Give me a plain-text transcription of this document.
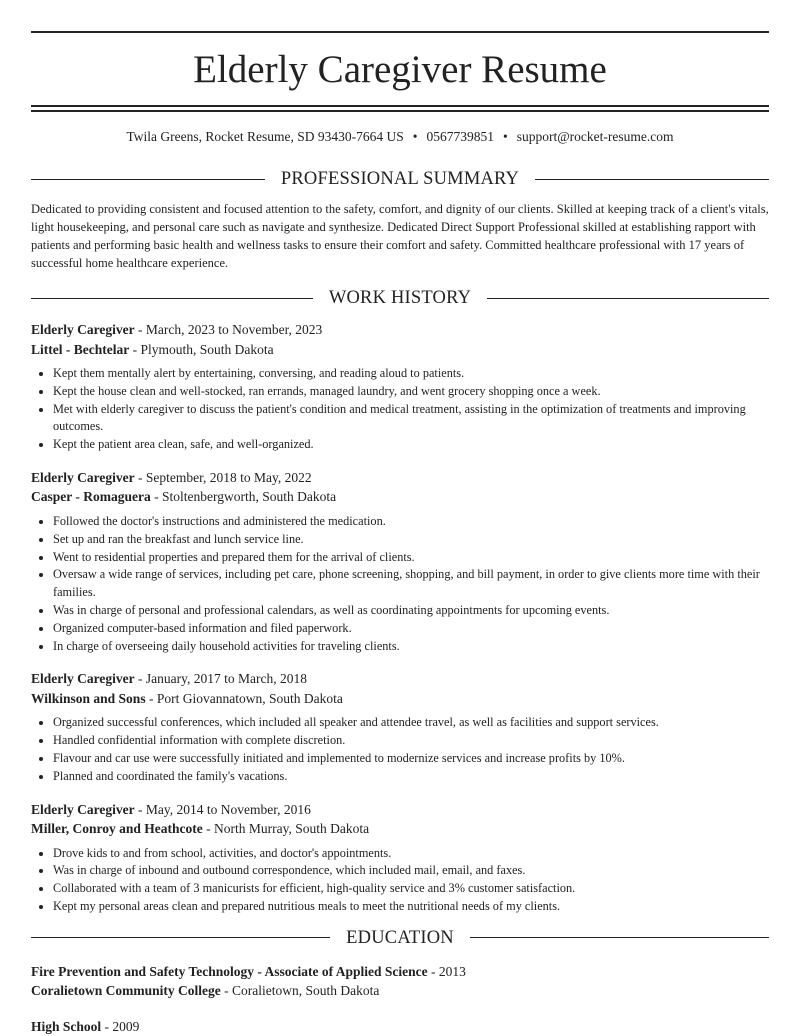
Elderly Caregiver Resume
Twila Greens, Rocket Resume, SD 93430-7664 US • 0567739851 • support@rocket-resume.com
PROFESSIONAL SUMMARY
Dedicated to providing consistent and focused attention to the safety, comfort, and dignity of our clients. Skilled at keeping track of a client's vitals, light housekeeping, and personal care such as navigate and synthesize. Dedicated Direct Support Professional skilled at establishing rapport with patients and performing basic health and wellness tasks to ensure their comfort and safety. Committed healthcare professional with 17 years of successful home healthcare experience.
WORK HISTORY
Elderly Caregiver - March, 2023 to November, 2023
Littel - Bechtelar - Plymouth, South Dakota
• Kept them mentally alert by entertaining, conversing, and reading aloud to patients.
• Kept the house clean and well-stocked, ran errands, managed laundry, and went grocery shopping once a week.
• Met with elderly caregiver to discuss the patient's condition and medical treatment, assisting in the optimization of treatments and improving outcomes.
• Kept the patient area clean, safe, and well-organized.
Elderly Caregiver - September, 2018 to May, 2022
Casper - Romaguera - Stoltenbergworth, South Dakota
• Followed the doctor's instructions and administered the medication.
• Set up and ran the breakfast and lunch service line.
• Went to residential properties and prepared them for the arrival of clients.
• Oversaw a wide range of services, including pet care, phone screening, shopping, and bill payment, in order to give clients more time with their families.
• Was in charge of personal and professional calendars, as well as coordinating appointments for upcoming events.
• Organized computer-based information and filed paperwork.
• In charge of overseeing daily household activities for traveling clients.
Elderly Caregiver - January, 2017 to March, 2018
Wilkinson and Sons - Port Giovannatown, South Dakota
• Organized successful conferences, which included all speaker and attendee travel, as well as facilities and support services.
• Handled confidential information with complete discretion.
• Flavour and car use were successfully initiated and implemented to modernize services and increase profits by 10%.
• Planned and coordinated the family's vacations.
Elderly Caregiver - May, 2014 to November, 2016
Miller, Conroy and Heathcote - North Murray, South Dakota
• Drove kids to and from school, activities, and doctor's appointments.
• Was in charge of inbound and outbound correspondence, which included mail, email, and faxes.
• Collaborated with a team of 3 manicurists for efficient, high-quality service and 3% customer satisfaction.
• Kept my personal areas clean and prepared nutritious meals to meet the nutritional needs of my clients.
EDUCATION
Fire Prevention and Safety Technology - Associate of Applied Science - 2013
Coralietown Community College - Coralietown, South Dakota
High School - 2009
